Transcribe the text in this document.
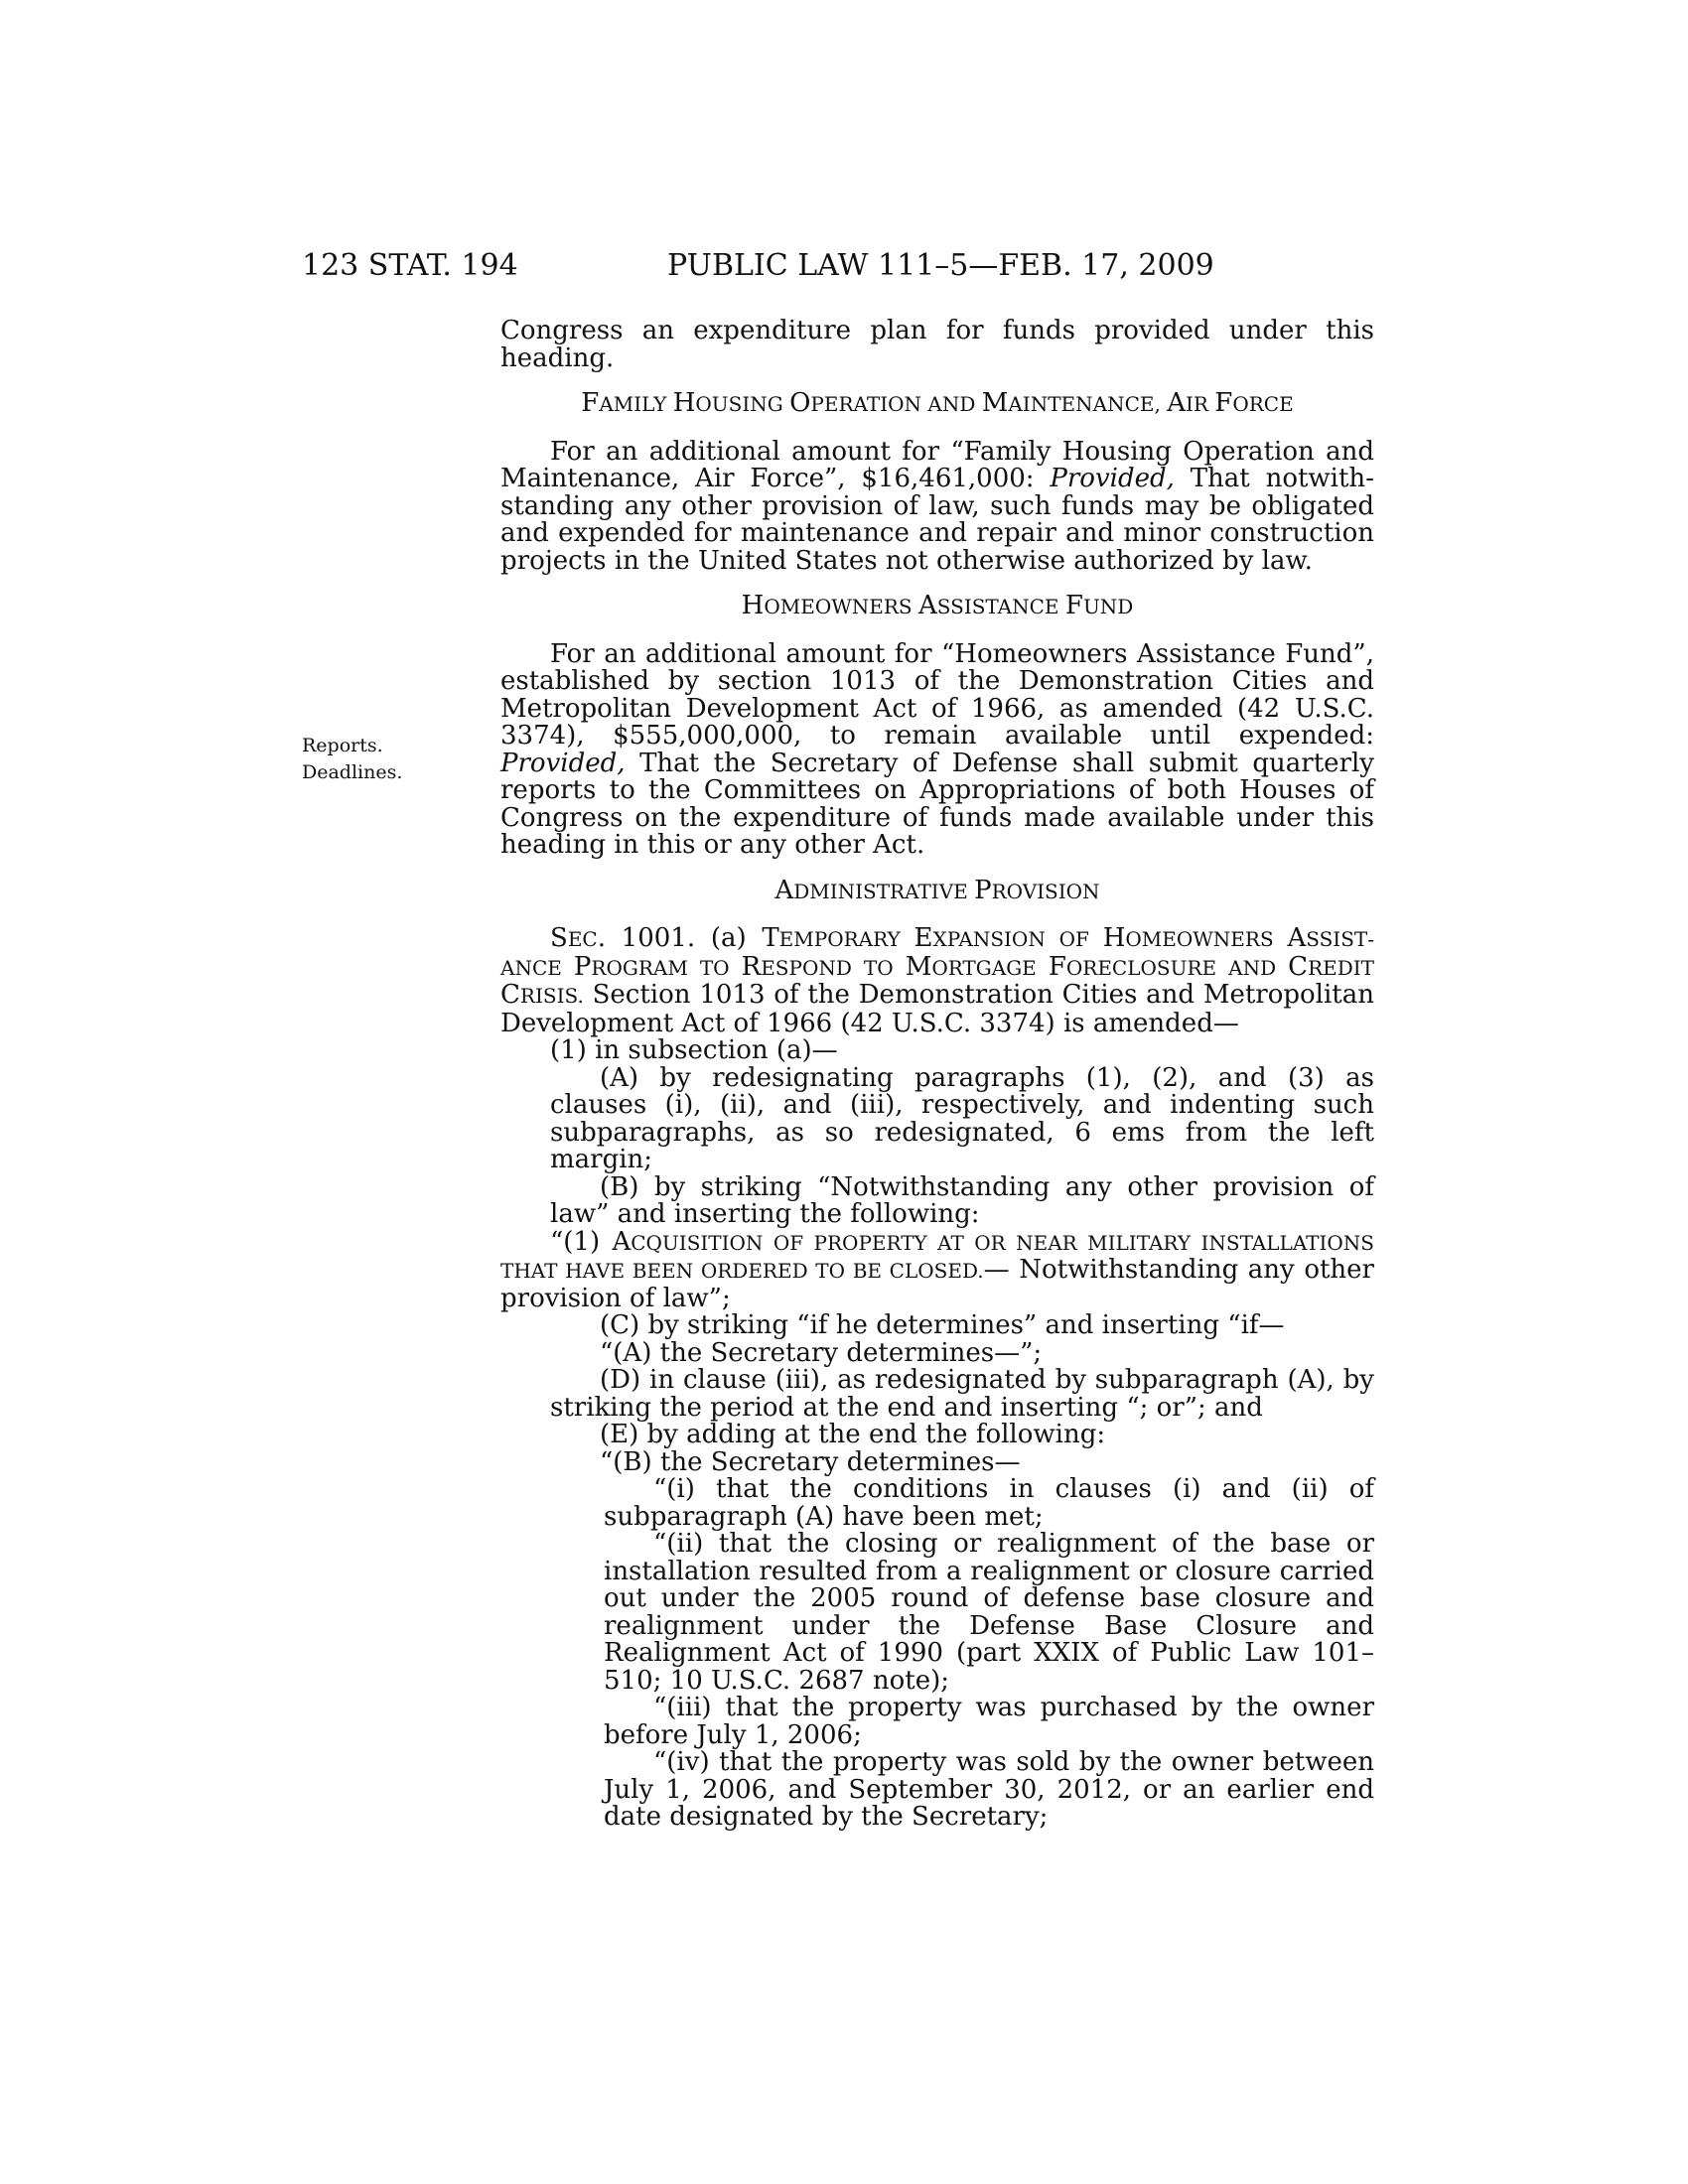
123 STAT. 194	PUBLIC LAW 111–5—FEB. 17, 2009
Reports.
Deadlines.

Congress an expenditure plan for funds provided under this heading.

FAMILY HOUSING OPERATION AND MAINTENANCE, AIR FORCE

For an additional amount for “Family Housing Operation and Maintenance, Air Force”, $16,461,000: Provided, That notwithstanding any other provision of law, such funds may be obligated and expended for maintenance and repair and minor construction projects in the United States not otherwise authorized by law.

HOMEOWNERS ASSISTANCE FUND

For an additional amount for “Homeowners Assistance Fund”, established by section 1013 of the Demonstration Cities and Metropolitan Development Act of 1966, as amended (42 U.S.C. 3374), $555,000,000, to remain available until expended: Provided, That the Secretary of Defense shall submit quarterly reports to the Committees on Appropriations of both Houses of Congress on the expenditure of funds made available under this heading in this or any other Act.

ADMINISTRATIVE PROVISION

SEC. 1001. (a) TEMPORARY EXPANSION OF HOMEOWNERS ASSISTANCE PROGRAM TO RESPOND TO MORTGAGE FORECLOSURE AND CREDIT CRISIS. Section 1013 of the Demonstration Cities and Metropolitan Development Act of 1966 (42 U.S.C. 3374) is amended—

(1) in subsection (a)—

(A) by redesignating paragraphs (1), (2), and (3) as clauses (i), (ii), and (iii), respectively, and indenting such subparagraphs, as so redesignated, 6 ems from the left margin;

(B) by striking “Notwithstanding any other provision of law” and inserting the following:

“(1) ACQUISITION OF PROPERTY AT OR NEAR MILITARY INSTALLATIONS THAT HAVE BEEN ORDERED TO BE CLOSED.— Notwithstanding any other provision of law”;

(C) by striking “if he determines” and inserting “if—

“(A) the Secretary determines—”;

(D) in clause (iii), as redesignated by subparagraph (A), by striking the period at the end and inserting “; or”; and

(E) by adding at the end the following:

“(B) the Secretary determines—

“(i) that the conditions in clauses (i) and (ii) of subparagraph (A) have been met;

“(ii) that the closing or realignment of the base or installation resulted from a realignment or closure carried out under the 2005 round of defense base closure and realignment under the Defense Base Closure and Realignment Act of 1990 (part XXIX of Public Law 101–510; 10 U.S.C. 2687 note);

“(iii) that the property was purchased by the owner before July 1, 2006;

“(iv) that the property was sold by the owner between July 1, 2006, and September 30, 2012, or an earlier end date designated by the Secretary;
